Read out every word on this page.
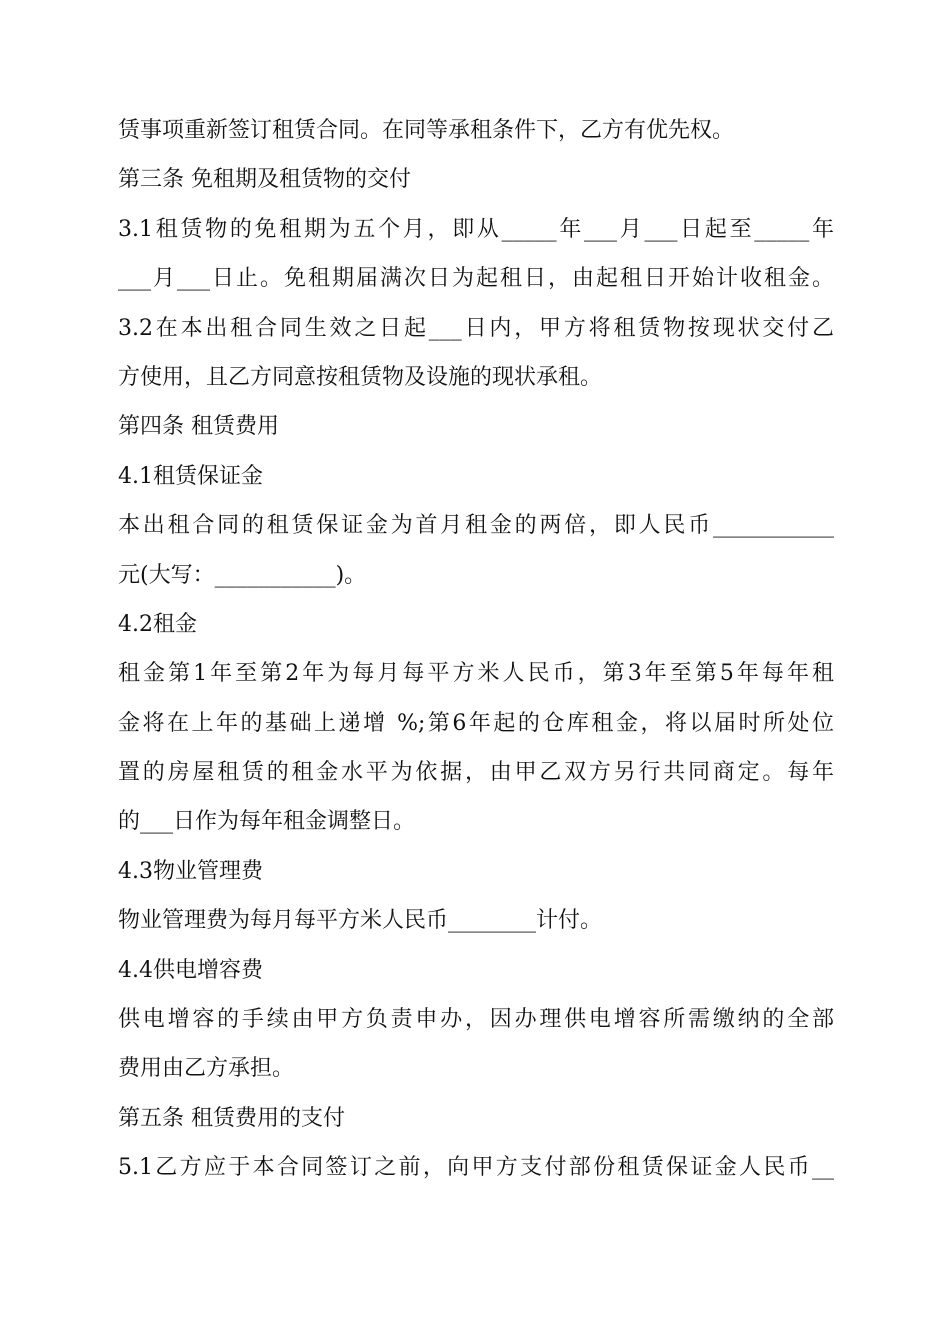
赁事项重新签订租赁合同。在同等承租条件下，乙方有优先权。
第三条 免租期及租赁物的交付
3.1租赁物的免租期为五个月，即从_____年___月___日起至_____年
___月___日止。免租期届满次日为起租日，由起租日开始计收租金。
3.2在本出租合同生效之日起___日内，甲方将租赁物按现状交付乙
方使用，且乙方同意按租赁物及设施的现状承租。
第四条 租赁费用
4.1租赁保证金
本出租合同的租赁保证金为首月租金的两倍，即人民币___________
元(大写：___________)。
4.2租金
租金第1年至第2年为每月每平方米人民币，第3年至第5年每年租
金将在上年的基础上递增 %;第6年起的仓库租金，将以届时所处位
置的房屋租赁的租金水平为依据，由甲乙双方另行共同商定。每年
的___日作为每年租金调整日。
4.3物业管理费
物业管理费为每月每平方米人民币________计付。
4.4供电增容费
供电增容的手续由甲方负责申办，因办理供电增容所需缴纳的全部
费用由乙方承担。
第五条 租赁费用的支付
5.1乙方应于本合同签订之前，向甲方支付部份租赁保证金人民币__
